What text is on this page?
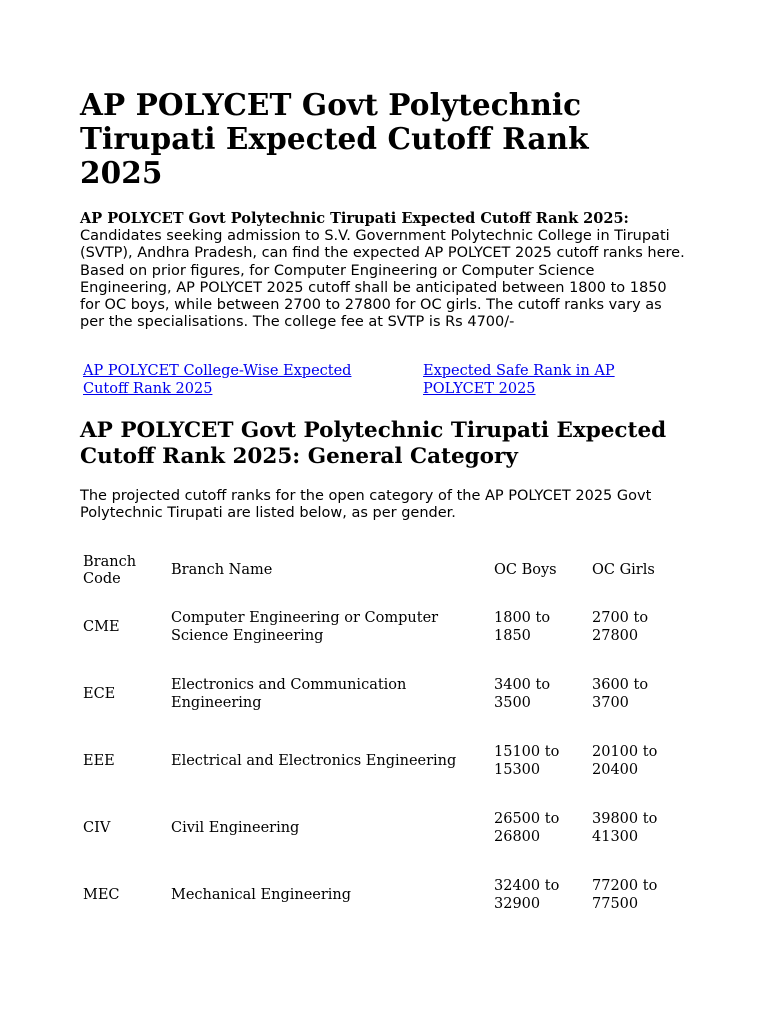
AP POLYCET Govt Polytechnic Tirupati Expected Cutoff Rank 2025

AP POLYCET Govt Polytechnic Tirupati Expected Cutoff Rank 2025: Candidates seeking admission to S.V. Government Polytechnic College in Tirupati (SVTP), Andhra Pradesh, can find the expected AP POLYCET 2025 cutoff ranks here. Based on prior figures, for Computer Engineering or Computer Science Engineering, AP POLYCET 2025 cutoff shall be anticipated between 1800 to 1850 for OC boys, while between 2700 to 27800 for OC girls. The cutoff ranks vary as per the specialisations. The college fee at SVTP is Rs 4700/-

AP POLYCET College-Wise Expected Cutoff Rank 2025
Expected Safe Rank in AP POLYCET 2025
AP POLYCET Govt Polytechnic Tirupati Expected Cutoff Rank 2025: General Category

The projected cutoff ranks for the open category of the AP POLYCET 2025 Govt Polytechnic Tirupati are listed below, as per gender.

Branch Code	Branch Name	OC Boys	OC Girls
CME	Computer Engineering or Computer Science Engineering	1800 to 1850	2700 to 27800
ECE	Electronics and Communication Engineering	3400 to 3500	3600 to 3700
EEE	Electrical and Electronics Engineering	15100 to 15300	20100 to 20400
CIV	Civil Engineering	26500 to 26800	39800 to 41300
MEC	Mechanical Engineering	32400 to 32900	77200 to 77500
